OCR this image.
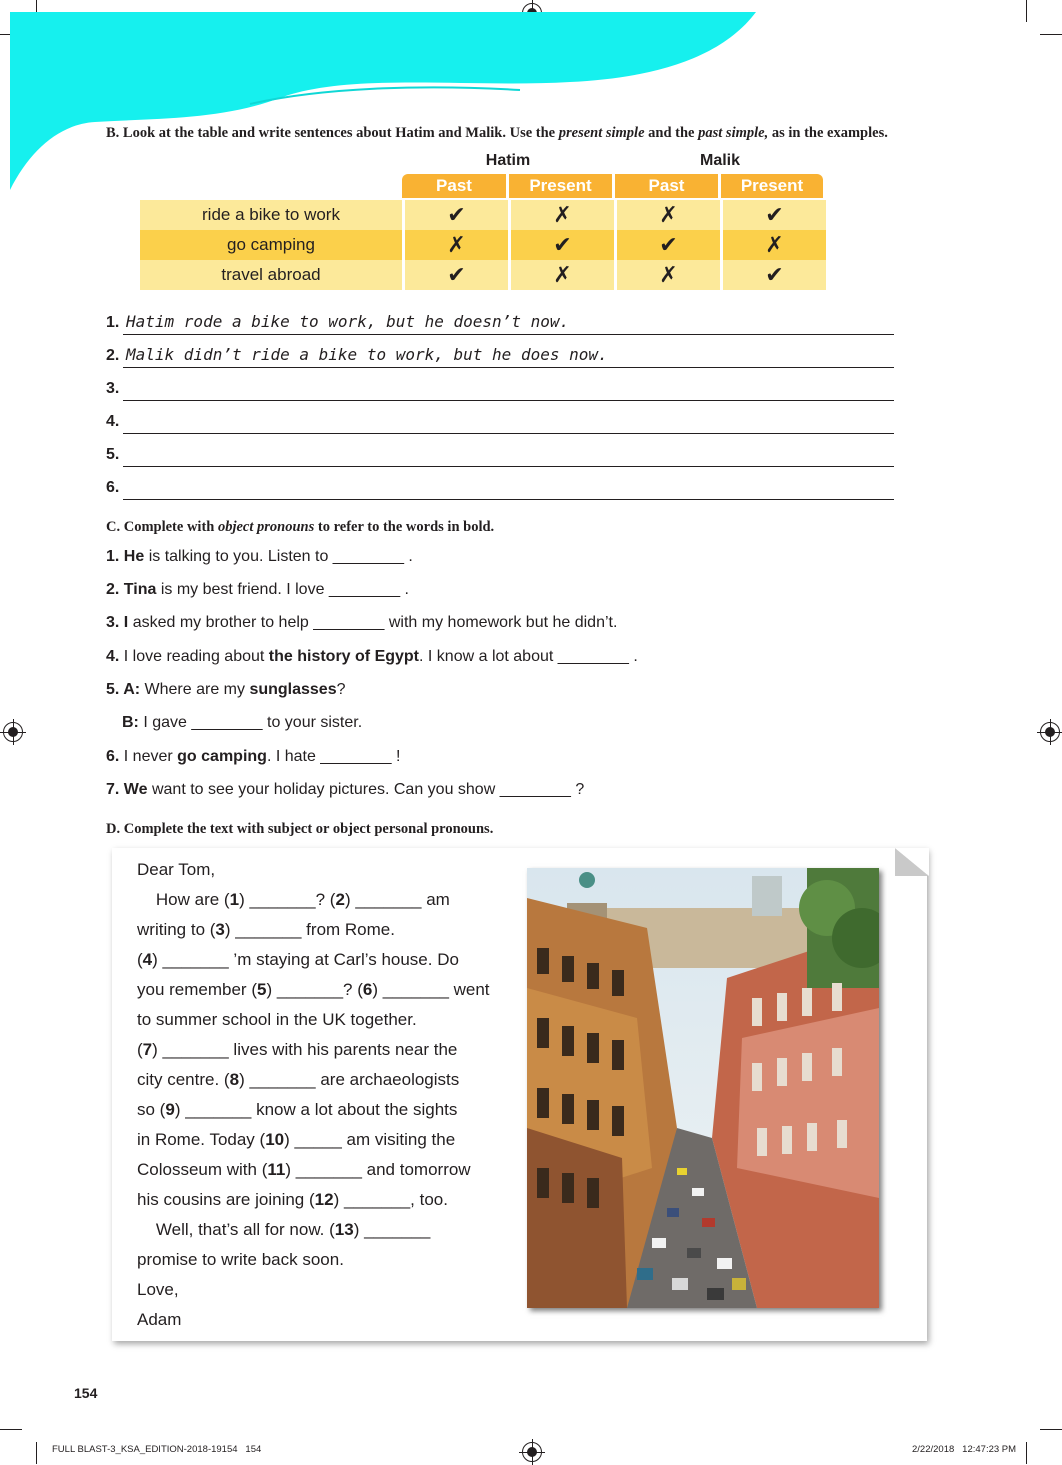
B. Look at the table and write sentences about Hatim and Malik. Use the present simple and the past simple, as in the examples.
Hatim	Malik
Past	Present	Past	Present
ride a bike to work	✔	✗	✗	✔
go camping	✗	✔	✔	✗
travel abroad	✔	✗	✗	✔
1. Hatim rode a bike to work, but he doesn’t now.
2. Malik didn’t ride a bike to work, but he does now.
3.
4.
5.
6.
C. Complete with object pronouns to refer to the words in bold.
1. He is talking to you. Listen to ________ .
2. Tina is my best friend. I love ________ .
3. I asked my brother to help ________ with my homework but he didn’t.
4. I love reading about the history of Egypt. I know a lot about ________ .
5. A: Where are my sunglasses?
B: I gave ________ to your sister.
6. I never go camping. I hate ________ !
7. We want to see your holiday pictures. Can you show ________ ?
D. Complete the text with subject or object personal pronouns.
Dear Tom,
How are (1) _______? (2) _______ am
writing to (3) _______ from Rome.
(4) _______ ’m staying at Carl’s house. Do
you remember (5) _______? (6) _______ went
to summer school in the UK together.
(7) _______ lives with his parents near the
city centre. (8) _______ are archaeologists
so (9) _______ know a lot about the sights
in Rome. Today (10) _____ am visiting the
Colosseum with (11) _______ and tomorrow
his cousins are joining (12) _______, too.
Well, that’s all for now. (13) _______
promise to write back soon.
Love,
Adam
154
FULL BLAST-3_KSA_EDITION-2018-19154   154	2/22/2018   12:47:23 PM
